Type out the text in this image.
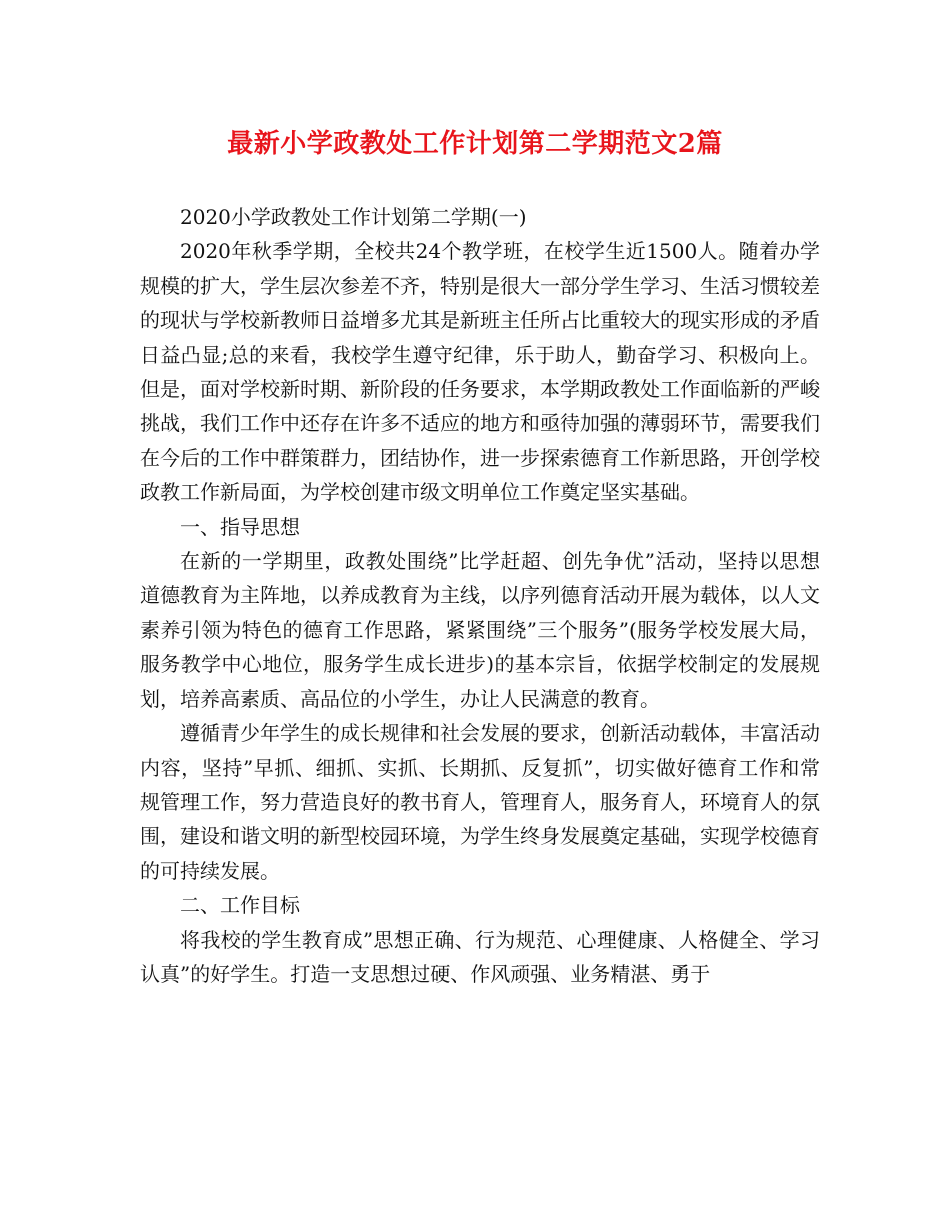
最新小学政教处工作计划第二学期范文2篇

2020小学政教处工作计划第二学期(一)

2020年秋季学期，全校共24个教学班，在校学生近1500人。随着办学规模的扩大，学生层次参差不齐，特别是很大一部分学生学习、生活习惯较差的现状与学校新教师日益增多尤其是新班主任所占比重较大的现实形成的矛盾日益凸显;总的来看，我校学生遵守纪律，乐于助人，勤奋学习、积极向上。但是，面对学校新时期、新阶段的任务要求，本学期政教处工作面临新的严峻挑战，我们工作中还存在许多不适应的地方和亟待加强的薄弱环节，需要我们在今后的工作中群策群力，团结协作，进一步探索德育工作新思路，开创学校政教工作新局面，为学校创建市级文明单位工作奠定坚实基础。

一、指导思想

在新的一学期里，政教处围绕”比学赶超、创先争优”活动，坚持以思想道德教育为主阵地，以养成教育为主线，以序列德育活动开展为载体，以人文素养引领为特色的德育工作思路，紧紧围绕”三个服务”(服务学校发展大局，服务教学中心地位，服务学生成长进步)的基本宗旨，依据学校制定的发展规划，培养高素质、高品位的小学生，办让人民满意的教育。

遵循青少年学生的成长规律和社会发展的要求，创新活动载体，丰富活动内容，坚持”早抓、细抓、实抓、长期抓、反复抓”，切实做好德育工作和常规管理工作，努力营造良好的教书育人，管理育人，服务育人，环境育人的氛围，建设和谐文明的新型校园环境，为学生终身发展奠定基础，实现学校德育的可持续发展。

二、工作目标

将我校的学生教育成”思想正确、行为规范、心理健康、人格健全、学习认真”的好学生。打造一支思想过硬、作风顽强、业务精湛、勇于
